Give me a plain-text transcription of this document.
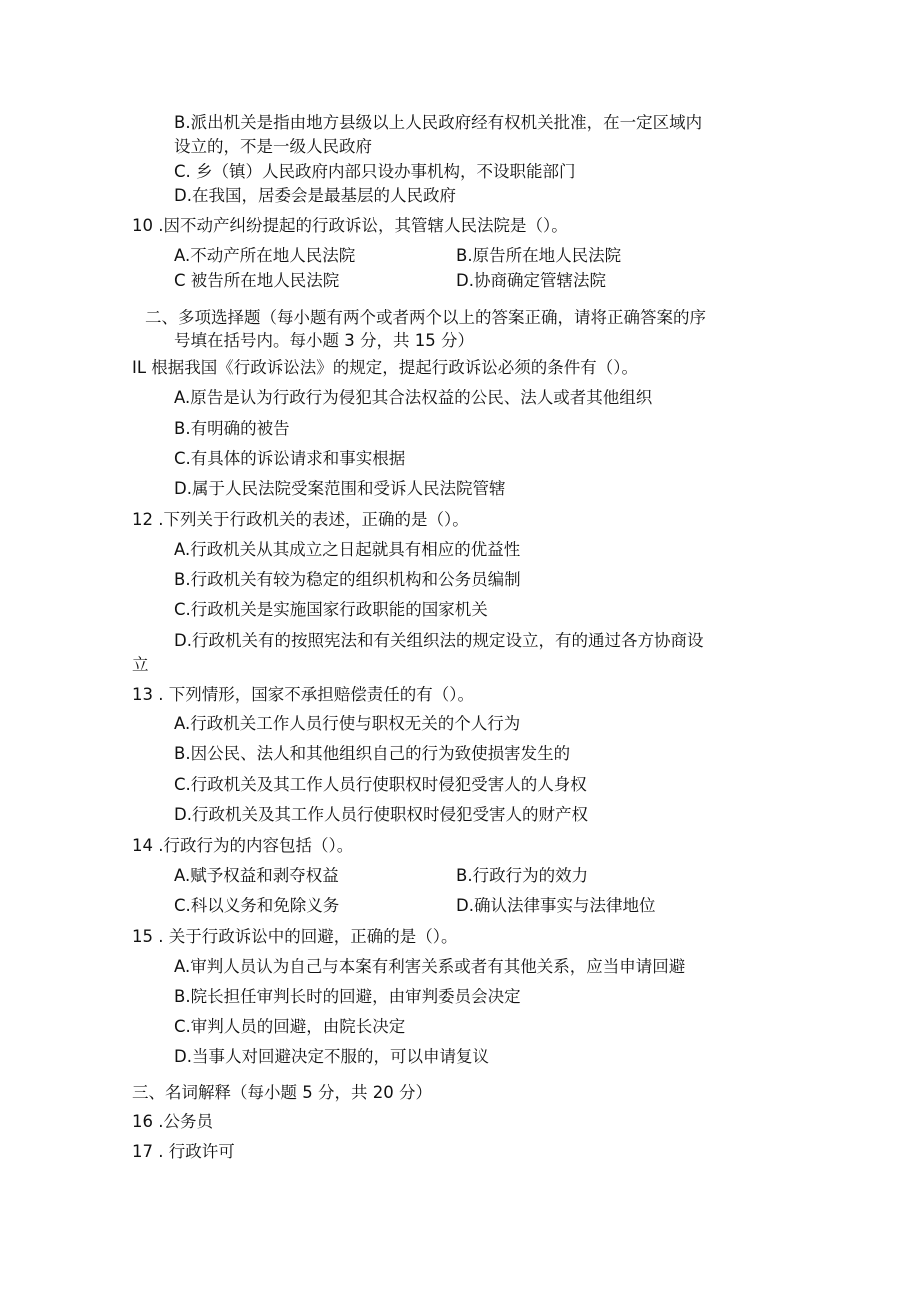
B.派出机关是指由地方县级以上人民政府经有权机关批准，在一定区域内
设立的，不是一级人民政府
C. 乡（镇）人民政府内部只设办事机构，不设职能部门
D.在我国，居委会是最基层的人民政府
10 .因不动产纠纷提起的行政诉讼，其管辖人民法院是（）。
A.不动产所在地人民法院	B.原告所在地人民法院
C 被告所在地人民法院	D.协商确定管辖法院
二、多项选择题（每小题有两个或者两个以上的答案正确，请将正确答案的序
号填在括号内。每小题 3 分，共 15 分）
IL 根据我国《行政诉讼法》的规定，提起行政诉讼必须的条件有（）。
A.原告是认为行政行为侵犯其合法权益的公民、法人或者其他组织
B.有明确的被告
C.有具体的诉讼请求和事实根据
D.属于人民法院受案范围和受诉人民法院管辖
12 .下列关于行政机关的表述，正确的是（）。
A.行政机关从其成立之日起就具有相应的优益性
B.行政机关有较为稳定的组织机构和公务员编制
C.行政机关是实施国家行政职能的国家机关
D.行政机关有的按照宪法和有关组织法的规定设立，有的通过各方协商设
立
13 . 下列情形，国家不承担赔偿责任的有（）。
A.行政机关工作人员行使与职权无关的个人行为
B.因公民、法人和其他组织自己的行为致使损害发生的
C.行政机关及其工作人员行使职权时侵犯受害人的人身权
D.行政机关及其工作人员行使职权时侵犯受害人的财产权
14 .行政行为的内容包括（）。
A.赋予权益和剥夺权益	B.行政行为的效力
C.科以义务和免除义务	D.确认法律事实与法律地位
15 . 关于行政诉讼中的回避，正确的是（）。
A.审判人员认为自己与本案有利害关系或者有其他关系，应当申请回避
B.院长担任审判长时的回避，由审判委员会决定
C.审判人员的回避，由院长决定
D.当事人对回避决定不服的，可以申请复议
三、名词解释（每小题 5 分，共 20 分）
16 .公务员
17 . 行政许可
